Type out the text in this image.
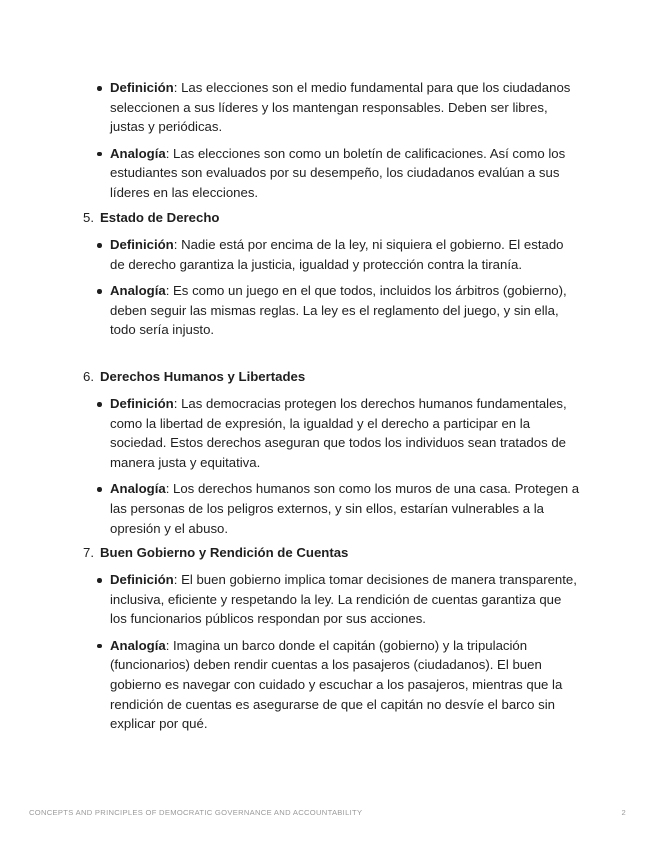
Definición: Las elecciones son el medio fundamental para que los ciudadanos seleccionen a sus líderes y los mantengan responsables. Deben ser libres, justas y periódicas.
Analogía: Las elecciones son como un boletín de calificaciones. Así como los estudiantes son evaluados por su desempeño, los ciudadanos evalúan a sus líderes en las elecciones.
5. Estado de Derecho
Definición: Nadie está por encima de la ley, ni siquiera el gobierno. El estado de derecho garantiza la justicia, igualdad y protección contra la tiranía.
Analogía: Es como un juego en el que todos, incluidos los árbitros (gobierno), deben seguir las mismas reglas. La ley es el reglamento del juego, y sin ella, todo sería injusto.
6. Derechos Humanos y Libertades
Definición: Las democracias protegen los derechos humanos fundamentales, como la libertad de expresión, la igualdad y el derecho a participar en la sociedad. Estos derechos aseguran que todos los individuos sean tratados de manera justa y equitativa.
Analogía: Los derechos humanos son como los muros de una casa. Protegen a las personas de los peligros externos, y sin ellos, estarían vulnerables a la opresión y el abuso.
7. Buen Gobierno y Rendición de Cuentas
Definición: El buen gobierno implica tomar decisiones de manera transparente, inclusiva, eficiente y respetando la ley. La rendición de cuentas garantiza que los funcionarios públicos respondan por sus acciones.
Analogía: Imagina un barco donde el capitán (gobierno) y la tripulación (funcionarios) deben rendir cuentas a los pasajeros (ciudadanos). El buen gobierno es navegar con cuidado y escuchar a los pasajeros, mientras que la rendición de cuentas es asegurarse de que el capitán no desvíe el barco sin explicar por qué.
CONCEPTS AND PRINCIPLES OF DEMOCRATIC GOVERNANCE AND ACCOUNTABILITY	2
